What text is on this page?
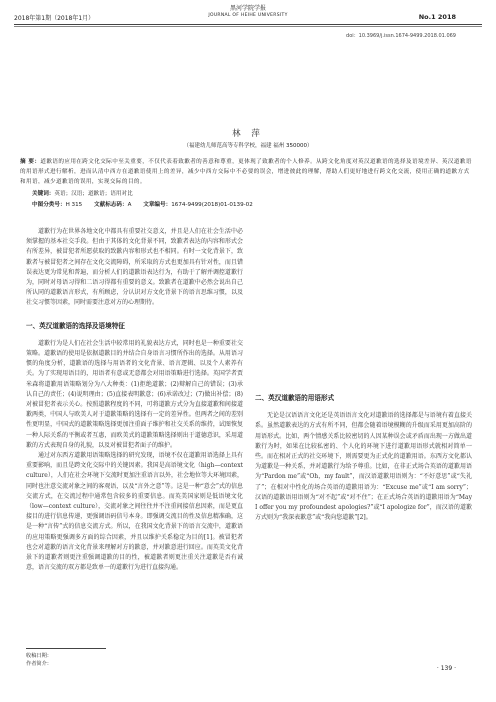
黑河学院学报
JOURNAL OF HEIHE UNIVERSITY
2018年第1期（2018年1月）	No.1 2018
doi：10.3969/j.issn.1674-9499.2018.01.069
林 萍
（福建幼儿师范高等专科学校，福建 福州 350000）
摘 要：道歉语的应用在跨文化交际中至关重要，不仅代表着致歉者的善意和尊重，更体现了致歉者的个人修养。从跨文化角度对英汉道歉语的选择及语境差异、英汉道歉语的用语形式进行解析，进而认清中西方在道歉语使用上的差异，减少中西方交际中不必要的误会，增进彼此的理解，帮助人们更好地进行跨文化交流，使用正确的道歉方式和用语，减少道歉语的误用，实现交际的目的。
关键词：英语；汉语；道歉语；语用对比
中图分类号：H 315 文献标志码：A 文章编号：1674-9499(2018)01-0139-02

道歉行为在世界各地文化中都具有重要社交意义，并且是人们在社会生活中必须掌握的基本社交手段。但由于其体的文化背景不同，致歉者表达的内容和形式会有所差异，被冒犯者所愿获取的致歉内容和形式也不相同。有时一文化背景下，致歉者与被冒犯者之间存在文化交流障碍，所采取的方式也更加具有针对性，而且错误表达更为常见和普遍，而分析人们的道歉语表达行为，有助于了解并调控道歉行为，同时对母语习得和二语习得都有重要的意义。致歉者在道歉中必然会说出自己所认同的道歉语言形式，有所顾虑，分认识对方文化背景下的语言思维习惯，以及社交习惯等因素，同时需要注意对方的心理期待。

一、英汉道歉语的选择及语境特征

道歉行为是人们在社会生活中较常用的礼貌表达方式，同时也是一种重要社交策略。道歉语的使用是依据道歉目的并结合自身语言习惯所作出的选择。从用语习惯的角度分析，道歉语的选择与用语者的文化背景、语言逻辑、以及个人素养有关。为了实现用语目的，用语者有意或无意都会对用语策略进行选择。英国学者贾米森将道歉用语策略划分为八大种类：(1)拒绝道歉；(2)辩解自己的错误；(3)承认自己的责任；(4)说明理由；(5)直接表明歉意；(6)承诺改过；(7)做出补偿；(8)对被冒犯者表示关心。按照道歉程度的不同，可将道歉方式分为直接道歉和间接道歉两类，中国人与欧美人对于道歉策略的选择有一定的差异性。但两者之间的差别性更明显，中国式的道歉策略选择更加注重面子维护和社交关系的维持，试图恢复一种人际关系的平衡或者互惠，而欧美式的道歉策略选择则出于道德意识，采用道歉的方式表现自身的礼貌，以及对被冒犯者面子的维护。

通过对东西方道歉用语策略选择的研究发现，语境不仅在道歉用语选择上具有重要影响，而且是跨文化交际中的关键因素。我国是高语境文化（high—context culture），人们在社会环境下交流时更加注重语言以外，社会地位等大环境因素，同时也注意交流对象之间的客观语，以及“言外之意”等。这是一种“意会”式的信息交流方式，在交流过程中通常包含较多的重要信息。而英美国家则是低语境文化（low—context culture），交流对象之间往往并不注重间接信息因素，而是更直接目的进行信息传递，更强调语码信号本身。即强调交流目的性及信息精准确，这是一种“言传”式的信息交流方式。所以，在我国文化背景下的语言交流中，道歉语的应用策略更强调多方面的综合因素，并且以维护关系稳定为目的[1]。被冒犯者也会对道歉的语言文化背景来理解对方的歉意，并对歉意进行回应。而英美文化背景下的道歉者则更注重强调道歉的目的性，被道歉者则更注重关注道歉是否有诚意，语言交流的双方都是致单一的道歉行为进行直接沟通。

二、英汉道歉语的用语形式

无论是汉语语言文化还是英语语言文化对道歉语的选择都是与语境有着直接关系。虽然道歉表达的方式有所不同，但都会随着语境模糊的升级而采用更加高阶的用语形式。比如，两个情感关系比较密切的人因某种误会或矛盾而出现一方做出道歉行为时，如果在比较私密的、个人化的环境下进行道歉用语形式就相对简单一些。而在相对正式的社交环境下，则需要更为正式化的道歉用语。东西方文化都认为道歉是一种关系，并对道歉行为给予尊重。比如，在非正式场合英语的道歉用语为“Pardon me”或“Oh，my fault”，而汉语道歉用语则为：“不好意思”或“失礼了”；在相对中性化的场合英语的道歉用语为：“Excuse me”或“I am sorry”；汉语的道歉语用语则为“对不起”或“对不住”；在正式场合英语的道歉用语为“May I offer you my profoundest apologies?”或“I apologize for”，而汉语的道歉方式则为“我深表歉意”或“我向您道歉”[2]。

收稿日期：
作者简介：
· 139 ·
